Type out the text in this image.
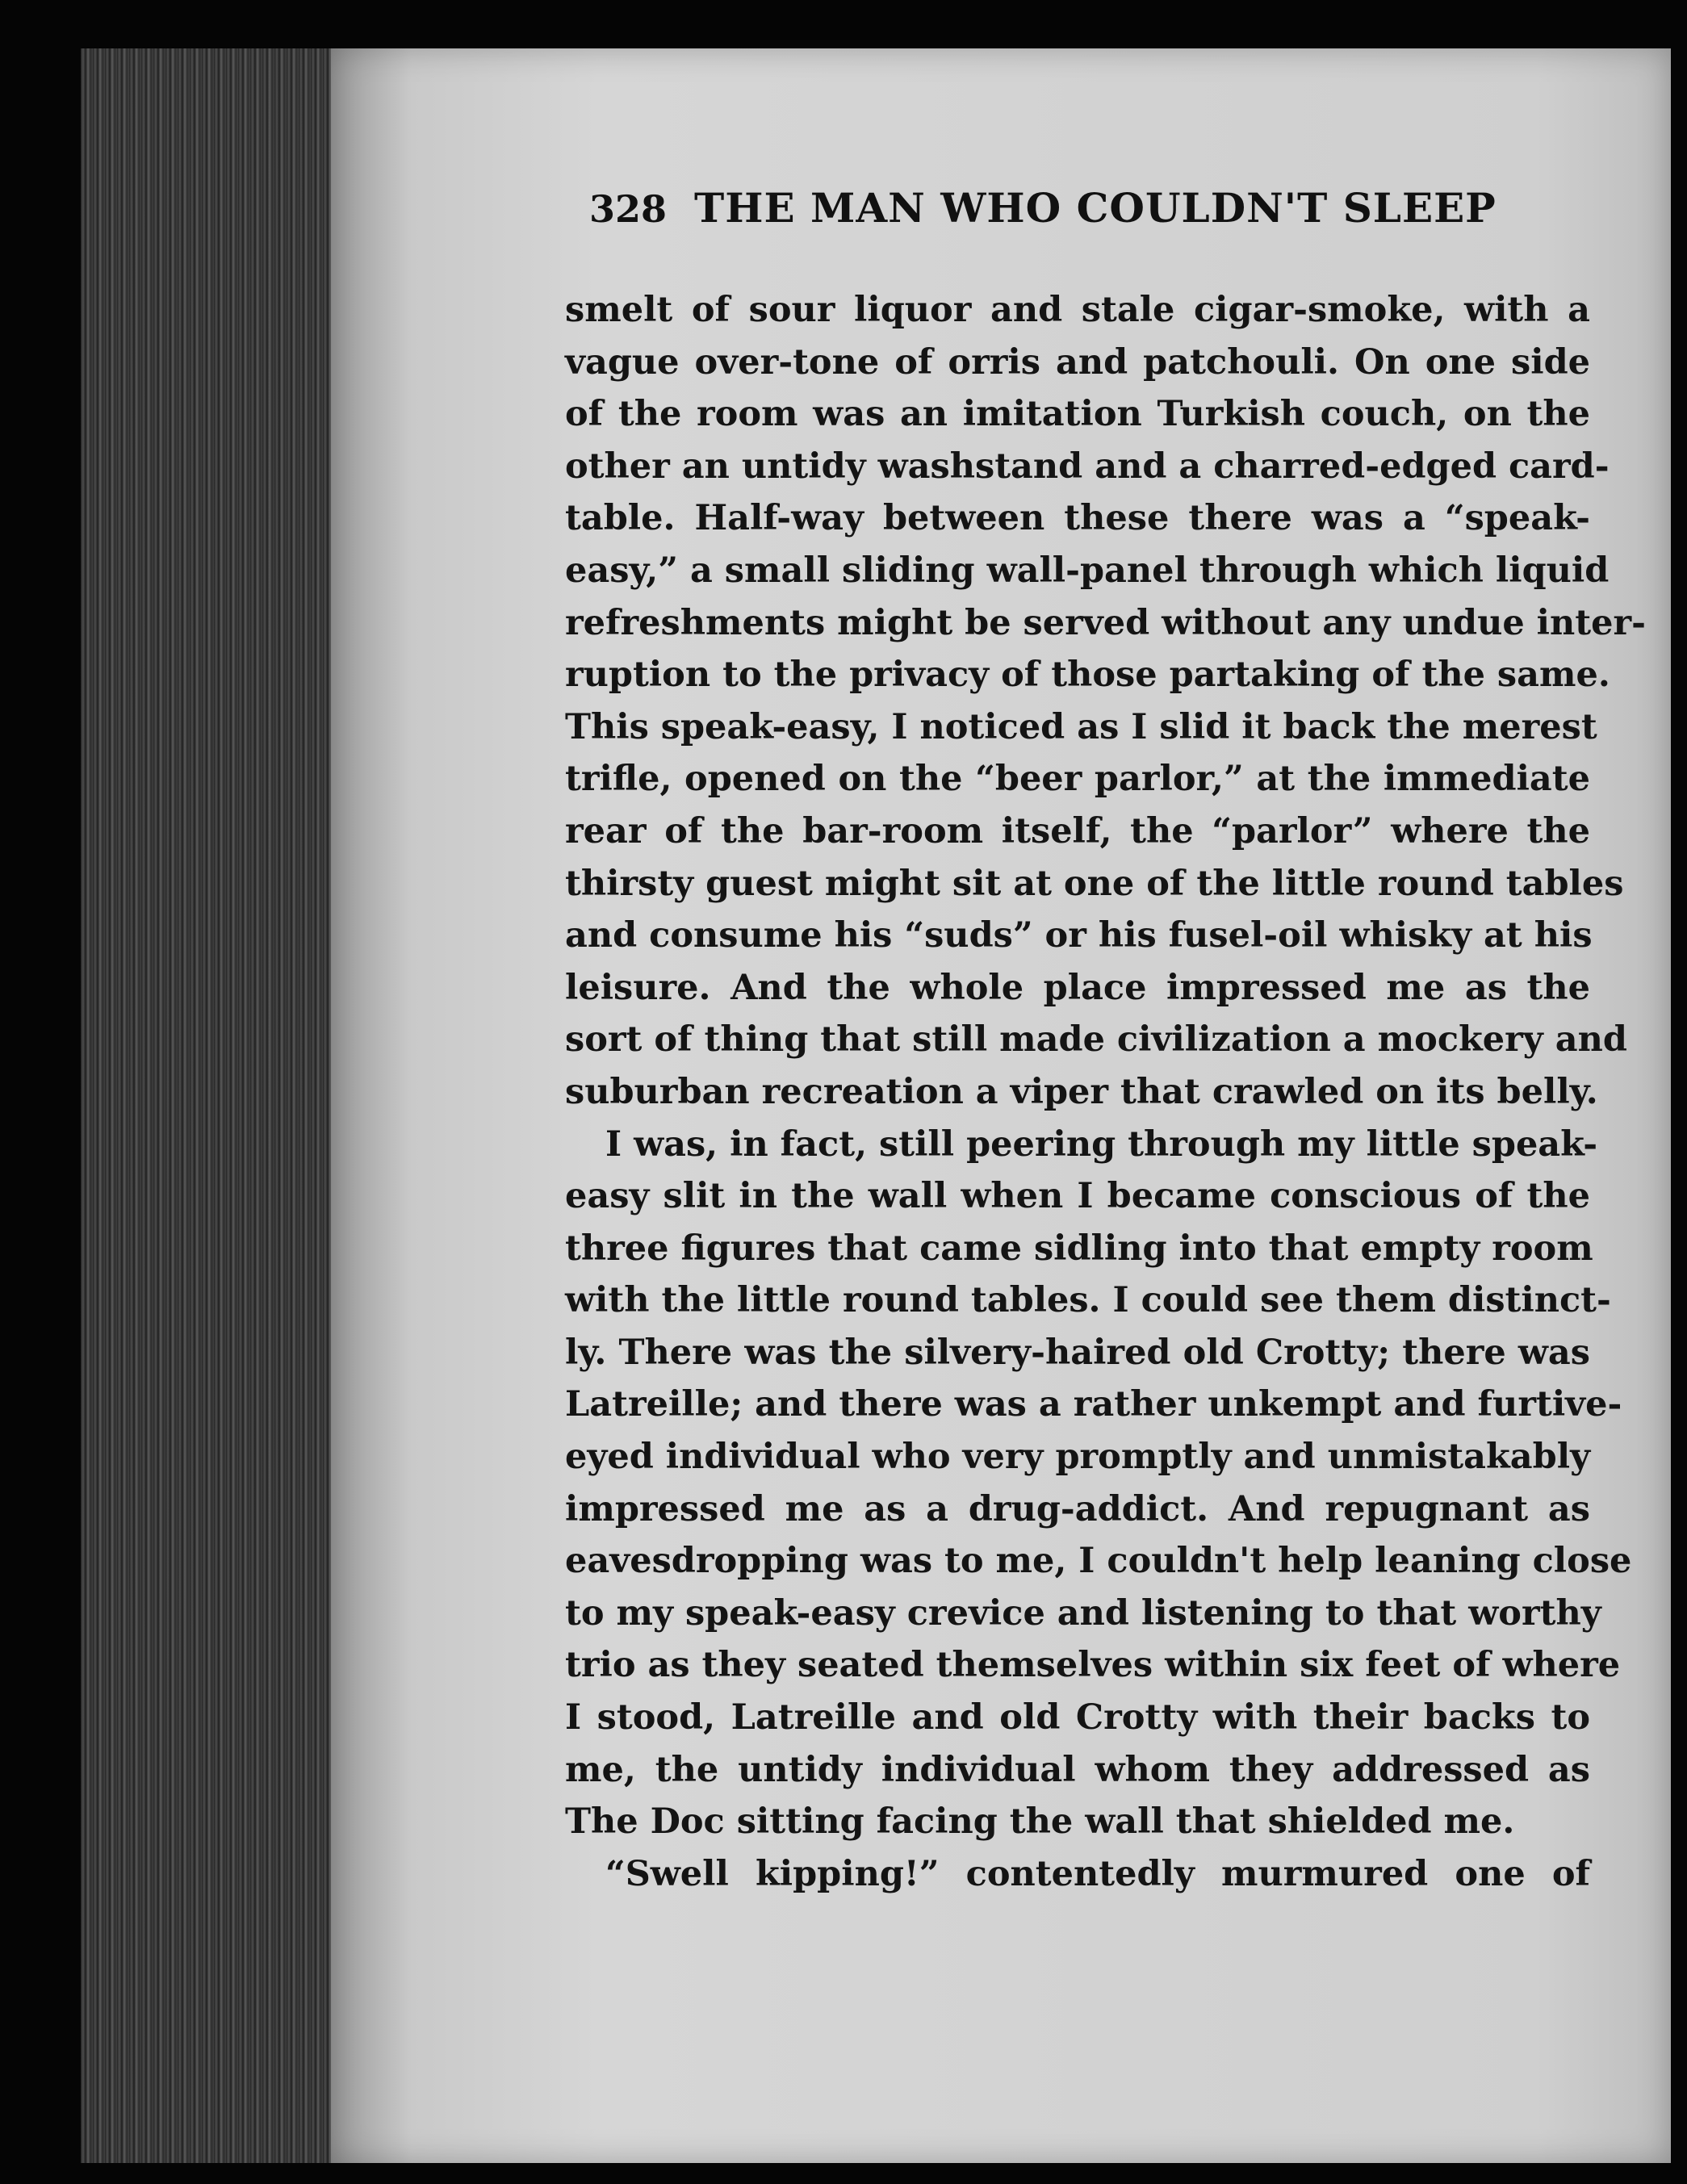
328 THE MAN WHO COULDN'T SLEEP
smelt of sour liquor and stale cigar-smoke, with a
vague over-tone of orris and patchouli. On one side
of the room was an imitation Turkish couch, on the
other an untidy washstand and a charred-edged card-
table. Half-way between these there was a “speak-
easy,” a small sliding wall-panel through which liquid
refreshments might be served without any undue inter-
ruption to the privacy of those partaking of the same.
This speak-easy, I noticed as I slid it back the merest
trifle, opened on the “beer parlor,” at the immediate
rear of the bar-room itself, the “parlor” where the
thirsty guest might sit at one of the little round tables
and consume his “suds” or his fusel-oil whisky at his
leisure. And the whole place impressed me as the
sort of thing that still made civilization a mockery and
suburban recreation a viper that crawled on its belly.
I was, in fact, still peering through my little speak-
easy slit in the wall when I became conscious of the
three figures that came sidling into that empty room
with the little round tables. I could see them distinct-
ly. There was the silvery-haired old Crotty; there was
Latreille; and there was a rather unkempt and furtive-
eyed individual who very promptly and unmistakably
impressed me as a drug-addict. And repugnant as
eavesdropping was to me, I couldn't help leaning close
to my speak-easy crevice and listening to that worthy
trio as they seated themselves within six feet of where
I stood, Latreille and old Crotty with their backs to
me, the untidy individual whom they addressed as
The Doc sitting facing the wall that shielded me.
“Swell kipping!” contentedly murmured one of
